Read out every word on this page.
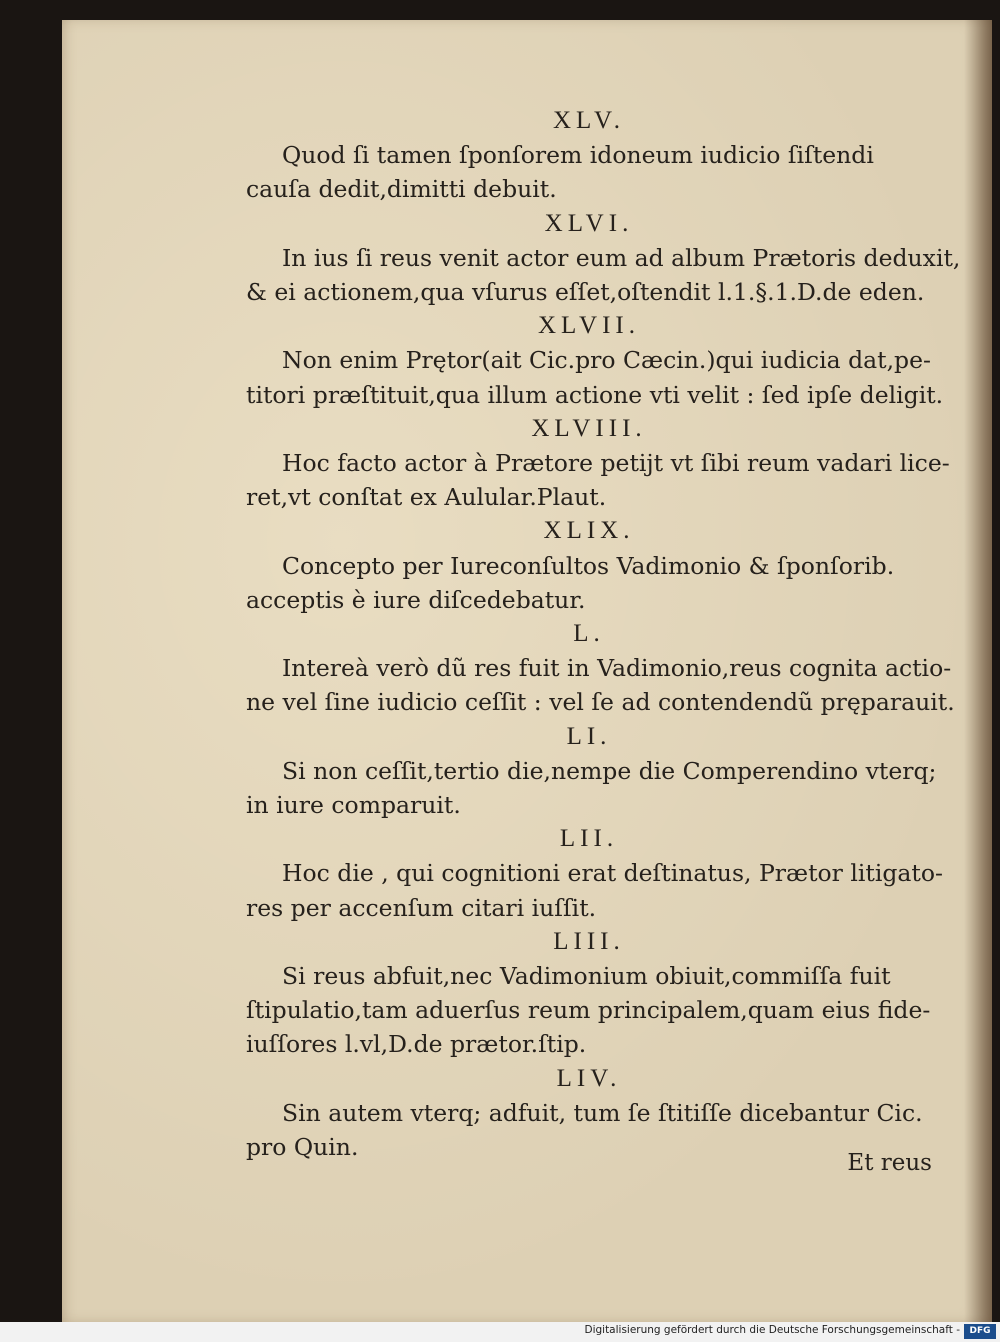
XLV.

Quod ſi tamen ſponſorem idoneum iudicio ſiſtendi
cauſa dedit,dimitti debuit.

XLVI.

In ius ſi reus venit actor eum ad album Prætoris deduxit,
& ei actionem,qua vſurus eſſet,oſtendit l.1.§.1.D.de eden.

XLVII.

Non enim Prętor(ait Cic.pro Cæcin.)qui iudicia dat,pe-
titori præſtituit,qua illum actione vti velit : ſed ipſe deligit.

XLVIII.

Hoc facto actor à Prætore petijt vt ſibi reum vadari lice-
ret,vt conſtat ex Aulular.Plaut.

XLIX.

Concepto per Iureconſultos Vadimonio & ſponſorib.
acceptis è iure diſcedebatur.

L.

Intereà verò dũ res fuit in Vadimonio,reus cognita actio-
ne vel ſine iudicio ceſſit : vel ſe ad contendendũ pręparauit.

LI.

Si non ceſſit,tertio die,nempe die Comperendino vterq;
in iure comparuit.

LII.

Hoc die , qui cognitioni erat deſtinatus, Prætor litigato-
res per accenſum citari iuſſit.

LIII.

Si reus abfuit,nec Vadimonium obiuit,commiſſa fuit
ſtipulatio,tam aduerſus reum principalem,quam eius fide-
iuſſores l.vl,D.de prætor.ſtip.

LIV.

Sin autem vterq; adfuit, tum ſe ſtitiſſe dicebantur Cic.
pro Quin.

Et reus
Digitalisierung gefördert durch die Deutsche Forschungsgemeinschaft -	DFG
